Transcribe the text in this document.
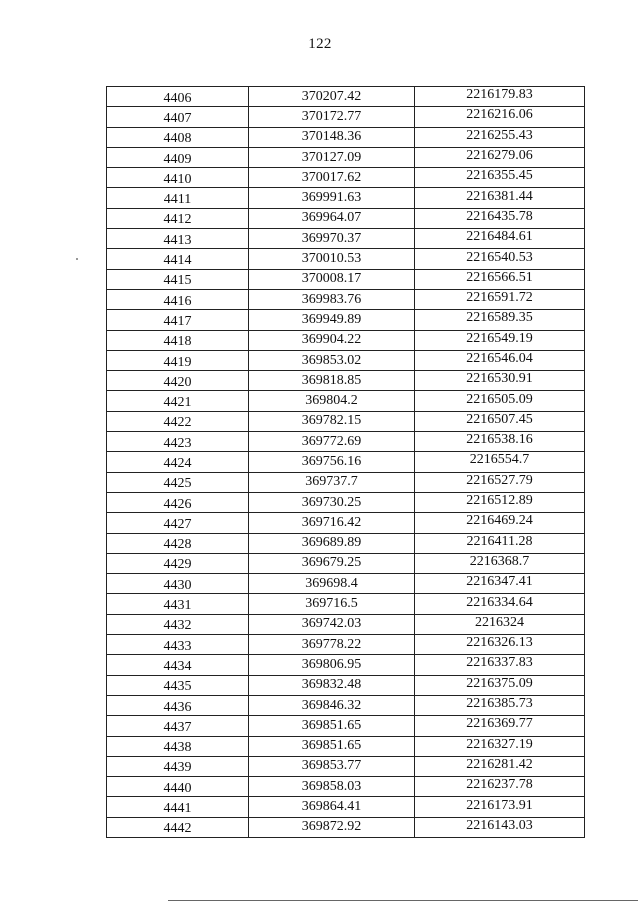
122
4406	370207.42	2216179.83
4407	370172.77	2216216.06
4408	370148.36	2216255.43
4409	370127.09	2216279.06
4410	370017.62	2216355.45
4411	369991.63	2216381.44
4412	369964.07	2216435.78
4413	369970.37	2216484.61
4414	370010.53	2216540.53
4415	370008.17	2216566.51
4416	369983.76	2216591.72
4417	369949.89	2216589.35
4418	369904.22	2216549.19
4419	369853.02	2216546.04
4420	369818.85	2216530.91
4421	369804.2	2216505.09
4422	369782.15	2216507.45
4423	369772.69	2216538.16
4424	369756.16	2216554.7
4425	369737.7	2216527.79
4426	369730.25	2216512.89
4427	369716.42	2216469.24
4428	369689.89	2216411.28
4429	369679.25	2216368.7
4430	369698.4	2216347.41
4431	369716.5	2216334.64
4432	369742.03	2216324
4433	369778.22	2216326.13
4434	369806.95	2216337.83
4435	369832.48	2216375.09
4436	369846.32	2216385.73
4437	369851.65	2216369.77
4438	369851.65	2216327.19
4439	369853.77	2216281.42
4440	369858.03	2216237.78
4441	369864.41	2216173.91
4442	369872.92	2216143.03
